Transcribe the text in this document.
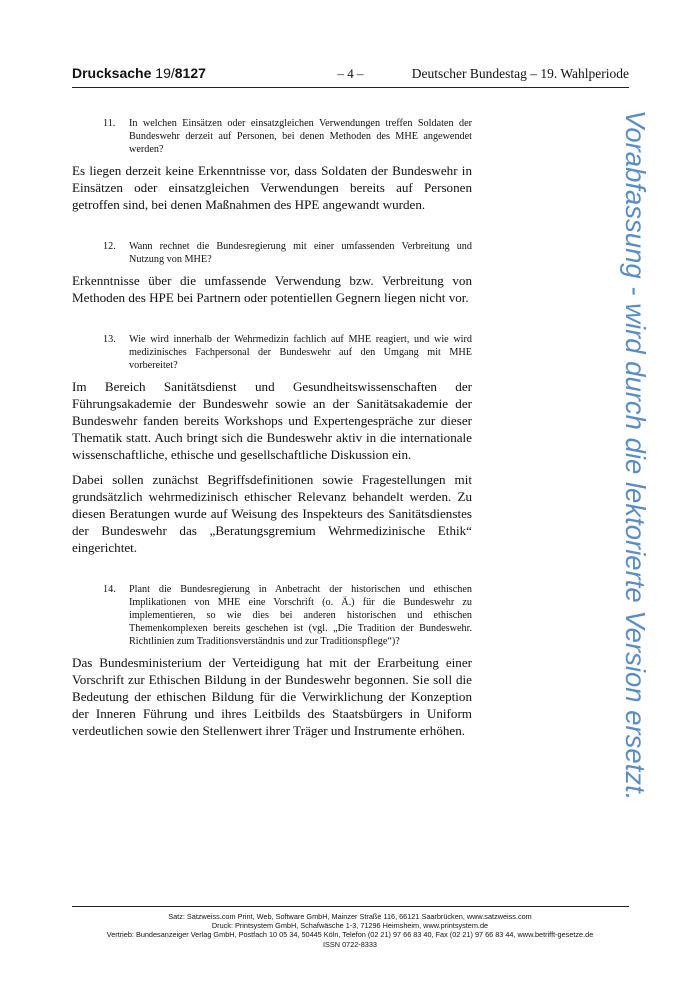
Drucksache 19/8127	– 4 –	Deutscher Bundestag – 19. Wahlperiode

11. In welchen Einsätzen oder einsatzgleichen Verwendungen treffen Soldaten der Bundeswehr derzeit auf Personen, bei denen Methoden des MHE angewendet werden?

Es liegen derzeit keine Erkenntnisse vor, dass Soldaten der Bundeswehr in Einsätzen oder einsatzgleichen Verwendungen bereits auf Personen getroffen sind, bei denen Maßnahmen des HPE angewandt wurden.

12. Wann rechnet die Bundesregierung mit einer umfassenden Verbreitung und Nutzung von MHE?

Erkenntnisse über die umfassende Verwendung bzw. Verbreitung von Methoden des HPE bei Partnern oder potentiellen Gegnern liegen nicht vor.

13. Wie wird innerhalb der Wehrmedizin fachlich auf MHE reagiert, und wie wird medizinisches Fachpersonal der Bundeswehr auf den Umgang mit MHE vorbereitet?

Im Bereich Sanitätsdienst und Gesundheitswissenschaften der Führungsakademie der Bundeswehr sowie an der Sanitätsakademie der Bundeswehr fanden bereits Workshops und Expertengespräche zur dieser Thematik statt. Auch bringt sich die Bundeswehr aktiv in die internationale wissenschaftliche, ethische und gesellschaftliche Diskussion ein.

Dabei sollen zunächst Begriffsdefinitionen sowie Fragestellungen mit grundsätzlich wehrmedizinisch ethischer Relevanz behandelt werden. Zu diesen Beratungen wurde auf Weisung des Inspekteurs des Sanitätsdienstes der Bundeswehr das „Beratungsgremium Wehrmedizinische Ethik“ eingerichtet.

14. Plant die Bundesregierung in Anbetracht der historischen und ethischen Implikationen von MHE eine Vorschrift (o. Ä.) für die Bundeswehr zu implementieren, so wie dies bei anderen historischen und ethischen Themenkomplexen bereits geschehen ist (vgl. „Die Tradition der Bundeswehr. Richtlinien zum Traditionsverständnis und zur Traditionspflege“)?

Das Bundesministerium der Verteidigung hat mit der Erarbeitung einer Vorschrift zur Ethischen Bildung in der Bundeswehr begonnen. Sie soll die Bedeutung der ethischen Bildung für die Verwirklichung der Konzeption der Inneren Führung und ihres Leitbilds des Staatsbürgers in Uniform verdeutlichen sowie den Stellenwert ihrer Träger und Instrumente erhöhen.	Vorabfassung - wird durch die lektorierte Version ersetzt.
Satz: Satzweiss.com Print, Web, Software GmbH, Mainzer Straße 116, 66121 Saarbrücken, www.satzweiss.com
Druck: Printsystem GmbH, Schafwäsche 1-3, 71296 Heimsheim, www.printsystem.de
Vertrieb: Bundesanzeiger Verlag GmbH, Postfach 10 05 34, 50445 Köln, Telefon (02 21) 97 66 83 40, Fax (02 21) 97 66 83 44, www.betrifft-gesetze.de
ISSN 0722-8333
